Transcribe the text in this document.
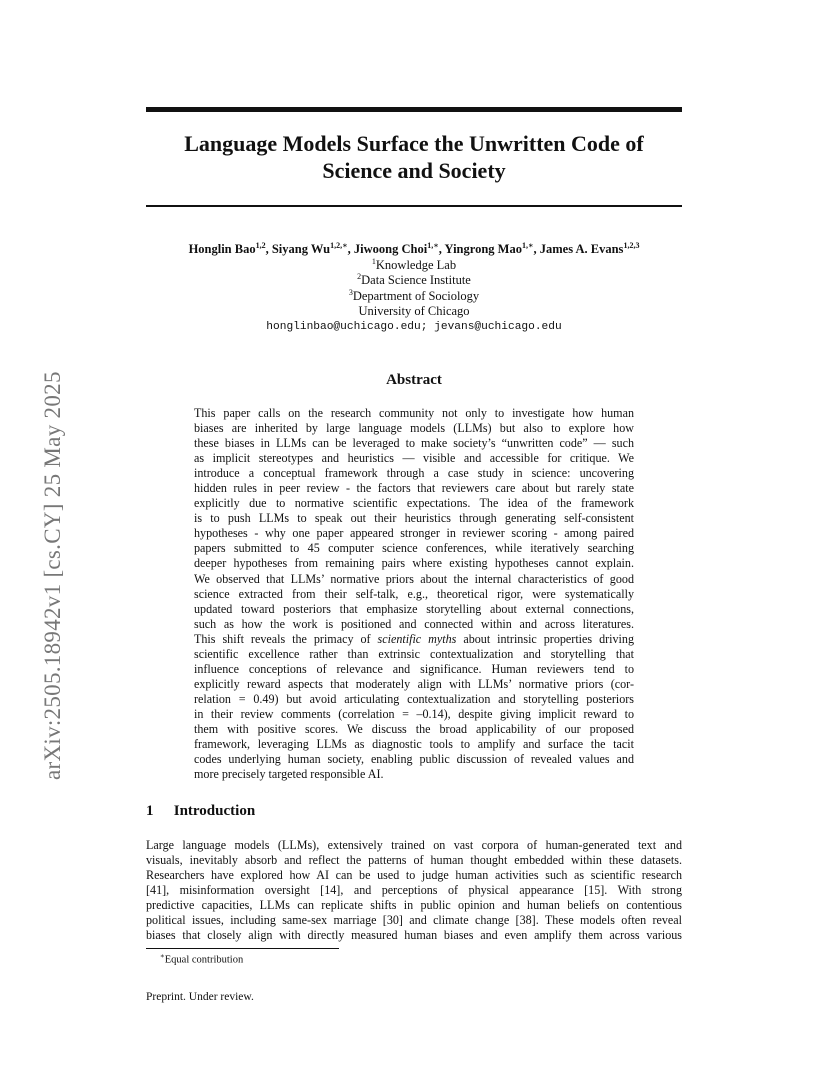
arXiv:2505.18942v1 [cs.CY] 25 May 2025
Language Models Surface the Unwritten Code of
Science and Society
Honglin Bao$^{1,2}$, Siyang $Wu^{1,2,∗}$, Jiwoong Choi$^{1,∗}$, Yingrong Mao$^{1,∗}$, James A. Evans$^{1,2,3}$
$^1$Knowledge Lab
$^2$Data Science Institute
$^3$Department of Sociology
University of Chicago
honglinbao@uchicago.edu; jevans@uchicago.edu
Abstract
This paper calls on the research community not only to investigate how human
biases are inherited by large language models (LLMs) but also to explore how
these biases in LLMs can be leveraged to make society’s “unwritten code” — such
as implicit stereotypes and heuristics — visible and accessible for critique. We
introduce a conceptual framework through a case study in science: uncovering
hidden rules in peer review - the factors that reviewers care about but rarely state
explicitly due to normative scientific expectations. The idea of the framework
is to push LLMs to speak out their heuristics through generating self-consistent
hypotheses - why one paper appeared stronger in reviewer scoring - among paired
papers submitted to 45 computer science conferences, while iteratively searching
deeper hypotheses from remaining pairs where existing hypotheses cannot explain.
We observed that LLMs’ normative priors about the internal characteristics of good
science extracted from their self-talk, e.g., theoretical rigor, were systematically
updated toward posteriors that emphasize storytelling about external connections,
such as how the work is positioned and connected within and across literatures.
This shift reveals the primacy of scientific myths about intrinsic properties driving
scientific excellence rather than extrinsic contextualization and storytelling that
influence conceptions of relevance and significance. Human reviewers tend to
explicitly reward aspects that moderately align with LLMs’ normative priors (cor-
relation = 0.49) but avoid articulating contextualization and storytelling posteriors
in their review comments (correlation = –0.14), despite giving implicit reward to
them with positive scores. We discuss the broad applicability of our proposed
framework, leveraging LLMs as diagnostic tools to amplify and surface the tacit
codes underlying human society, enabling public discussion of revealed values and
more precisely targeted responsible AI.
1 Introduction
Large language models (LLMs), extensively trained on vast corpora of human-generated text and
visuals, inevitably absorb and reflect the patterns of human thought embedded within these datasets.
Researchers have explored how AI can be used to judge human activities such as scientific research
[41], misinformation oversight [14], and perceptions of physical appearance [15]. With strong
predictive capacities, LLMs can replicate shifts in public opinion and human beliefs on contentious
political issues, including same-sex marriage [30] and climate change [38]. These models often reveal
biases that closely align with directly measured human biases and even amplify them across various
∗Equal contribution
Preprint. Under review.
